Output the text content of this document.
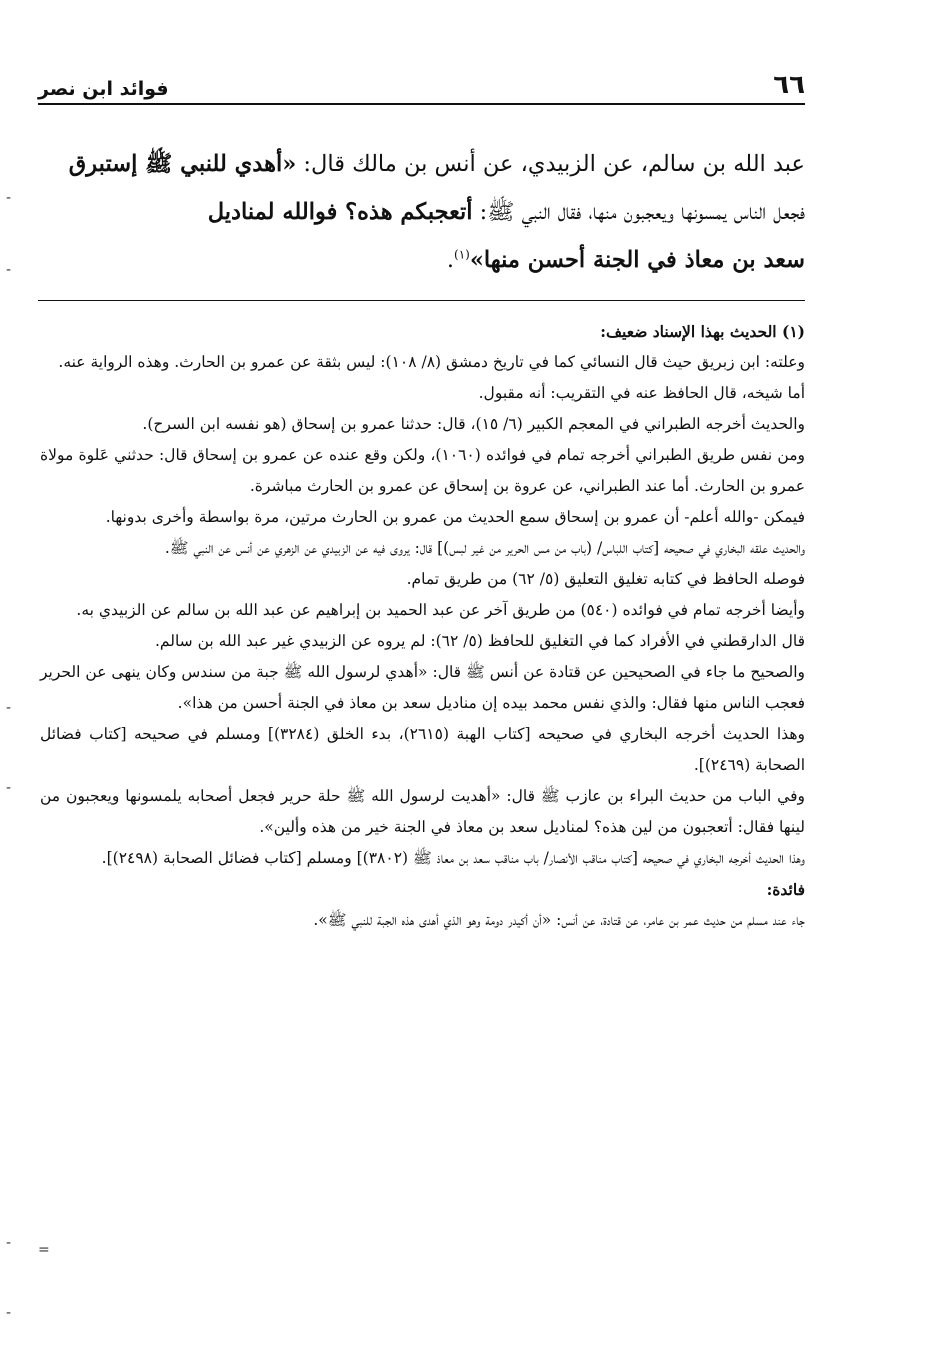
٦٦
فوائد ابن نصر

عبد الله بن سالم، عن الزبيدي، عن أنس بن مالك قال: «أهدي للنبي ﷺ إستبرق

فجعل الناس يمسونها ويعجبون منها، فقال النبي ﷺ: أتعجبكم هذه؟ فوالله لمناديل

سعد بن معاذ في الجنة أحسن منها»$^{(١)}$.

(١) الحديث بهذا الإسناد ضعيف:

وعلته: ابن زبريق حيث قال النسائي كما في تاريخ دمشق (٨/ ١٠٨): ليس بثقة عن عمرو بن الحارث. وهذه الرواية عنه.

أما شيخه، قال الحافظ عنه في التقريب: أنه مقبول.

والحديث أخرجه الطبراني في المعجم الكبير (٦/ ١٥)، قال: حدثنا عمرو بن إسحاق (هو نفسه ابن السرح).

ومن نفس طريق الطبراني أخرجه تمام في فوائده (١٠٦٠)، ولكن وقع عنده عن عمرو بن إسحاق قال: حدثني عَلوة مولاة عمرو بن الحارث. أما عند الطبراني، عن عروة بن إسحاق عن عمرو بن الحارث مباشرة.

فيمكن -والله أعلم- أن عمرو بن إسحاق سمع الحديث من عمرو بن الحارث مرتين، مرة بواسطة وأخرى بدونها.

والحديث علقه البخاري في صحيحه [كتاب اللباس/ (باب من مس الحرير من غير لبس)] قال: يروى فيه عن الزبيدي عن الزهري عن أنس عن النبي ﷺ.

فوصله الحافظ في كتابه تغليق التعليق (٥/ ٦٢) من طريق تمام.

وأيضا أخرجه تمام في فوائده (٥٤٠) من طريق آخر عن عبد الحميد بن إبراهيم عن عبد الله بن سالم عن الزبيدي به.

قال الدارقطني في الأفراد كما في التغليق للحافظ (٥/ ٦٢): لم يروه عن الزبيدي غير عبد الله بن سالم.

والصحيح ما جاء في الصحيحين عن قتادة عن أنس ﷺ قال: «أهدي لرسول الله ﷺ جبة من سندس وكان ينهى عن الحرير فعجب الناس منها فقال: والذي نفس محمد بيده إن مناديل سعد بن معاذ في الجنة أحسن من هذا».

وهذا الحديث أخرجه البخاري في صحيحه [كتاب الهبة (٢٦١٥)، بدء الخلق (٣٢٨٤)] ومسلم في صحيحه [كتاب فضائل الصحابة (٢٤٦٩)].

وفي الباب من حديث البراء بن عازب ﷺ قال: «أهديت لرسول الله ﷺ حلة حرير فجعل أصحابه يلمسونها ويعجبون من لينها فقال: أتعجبون من لين هذه؟ لمناديل سعد بن معاذ في الجنة خير من هذه وألين».

وهذا الحديث أخرجه البخاري في صحيحه [كتاب مناقب الأنصار/ باب مناقب سعد بن معاذ ﷺ (٣٨٠٢)] ومسلم [كتاب فضائل الصحابة (٢٤٩٨)].

فائدة:

جاء عند مسلم من حديث عمر بن عامر، عن قتادة، عن أنس: «أن أكيدر دومة وهو الذي أهدى هذه الجبة للنبي ﷺ».

-
-
-
-
- =
-
